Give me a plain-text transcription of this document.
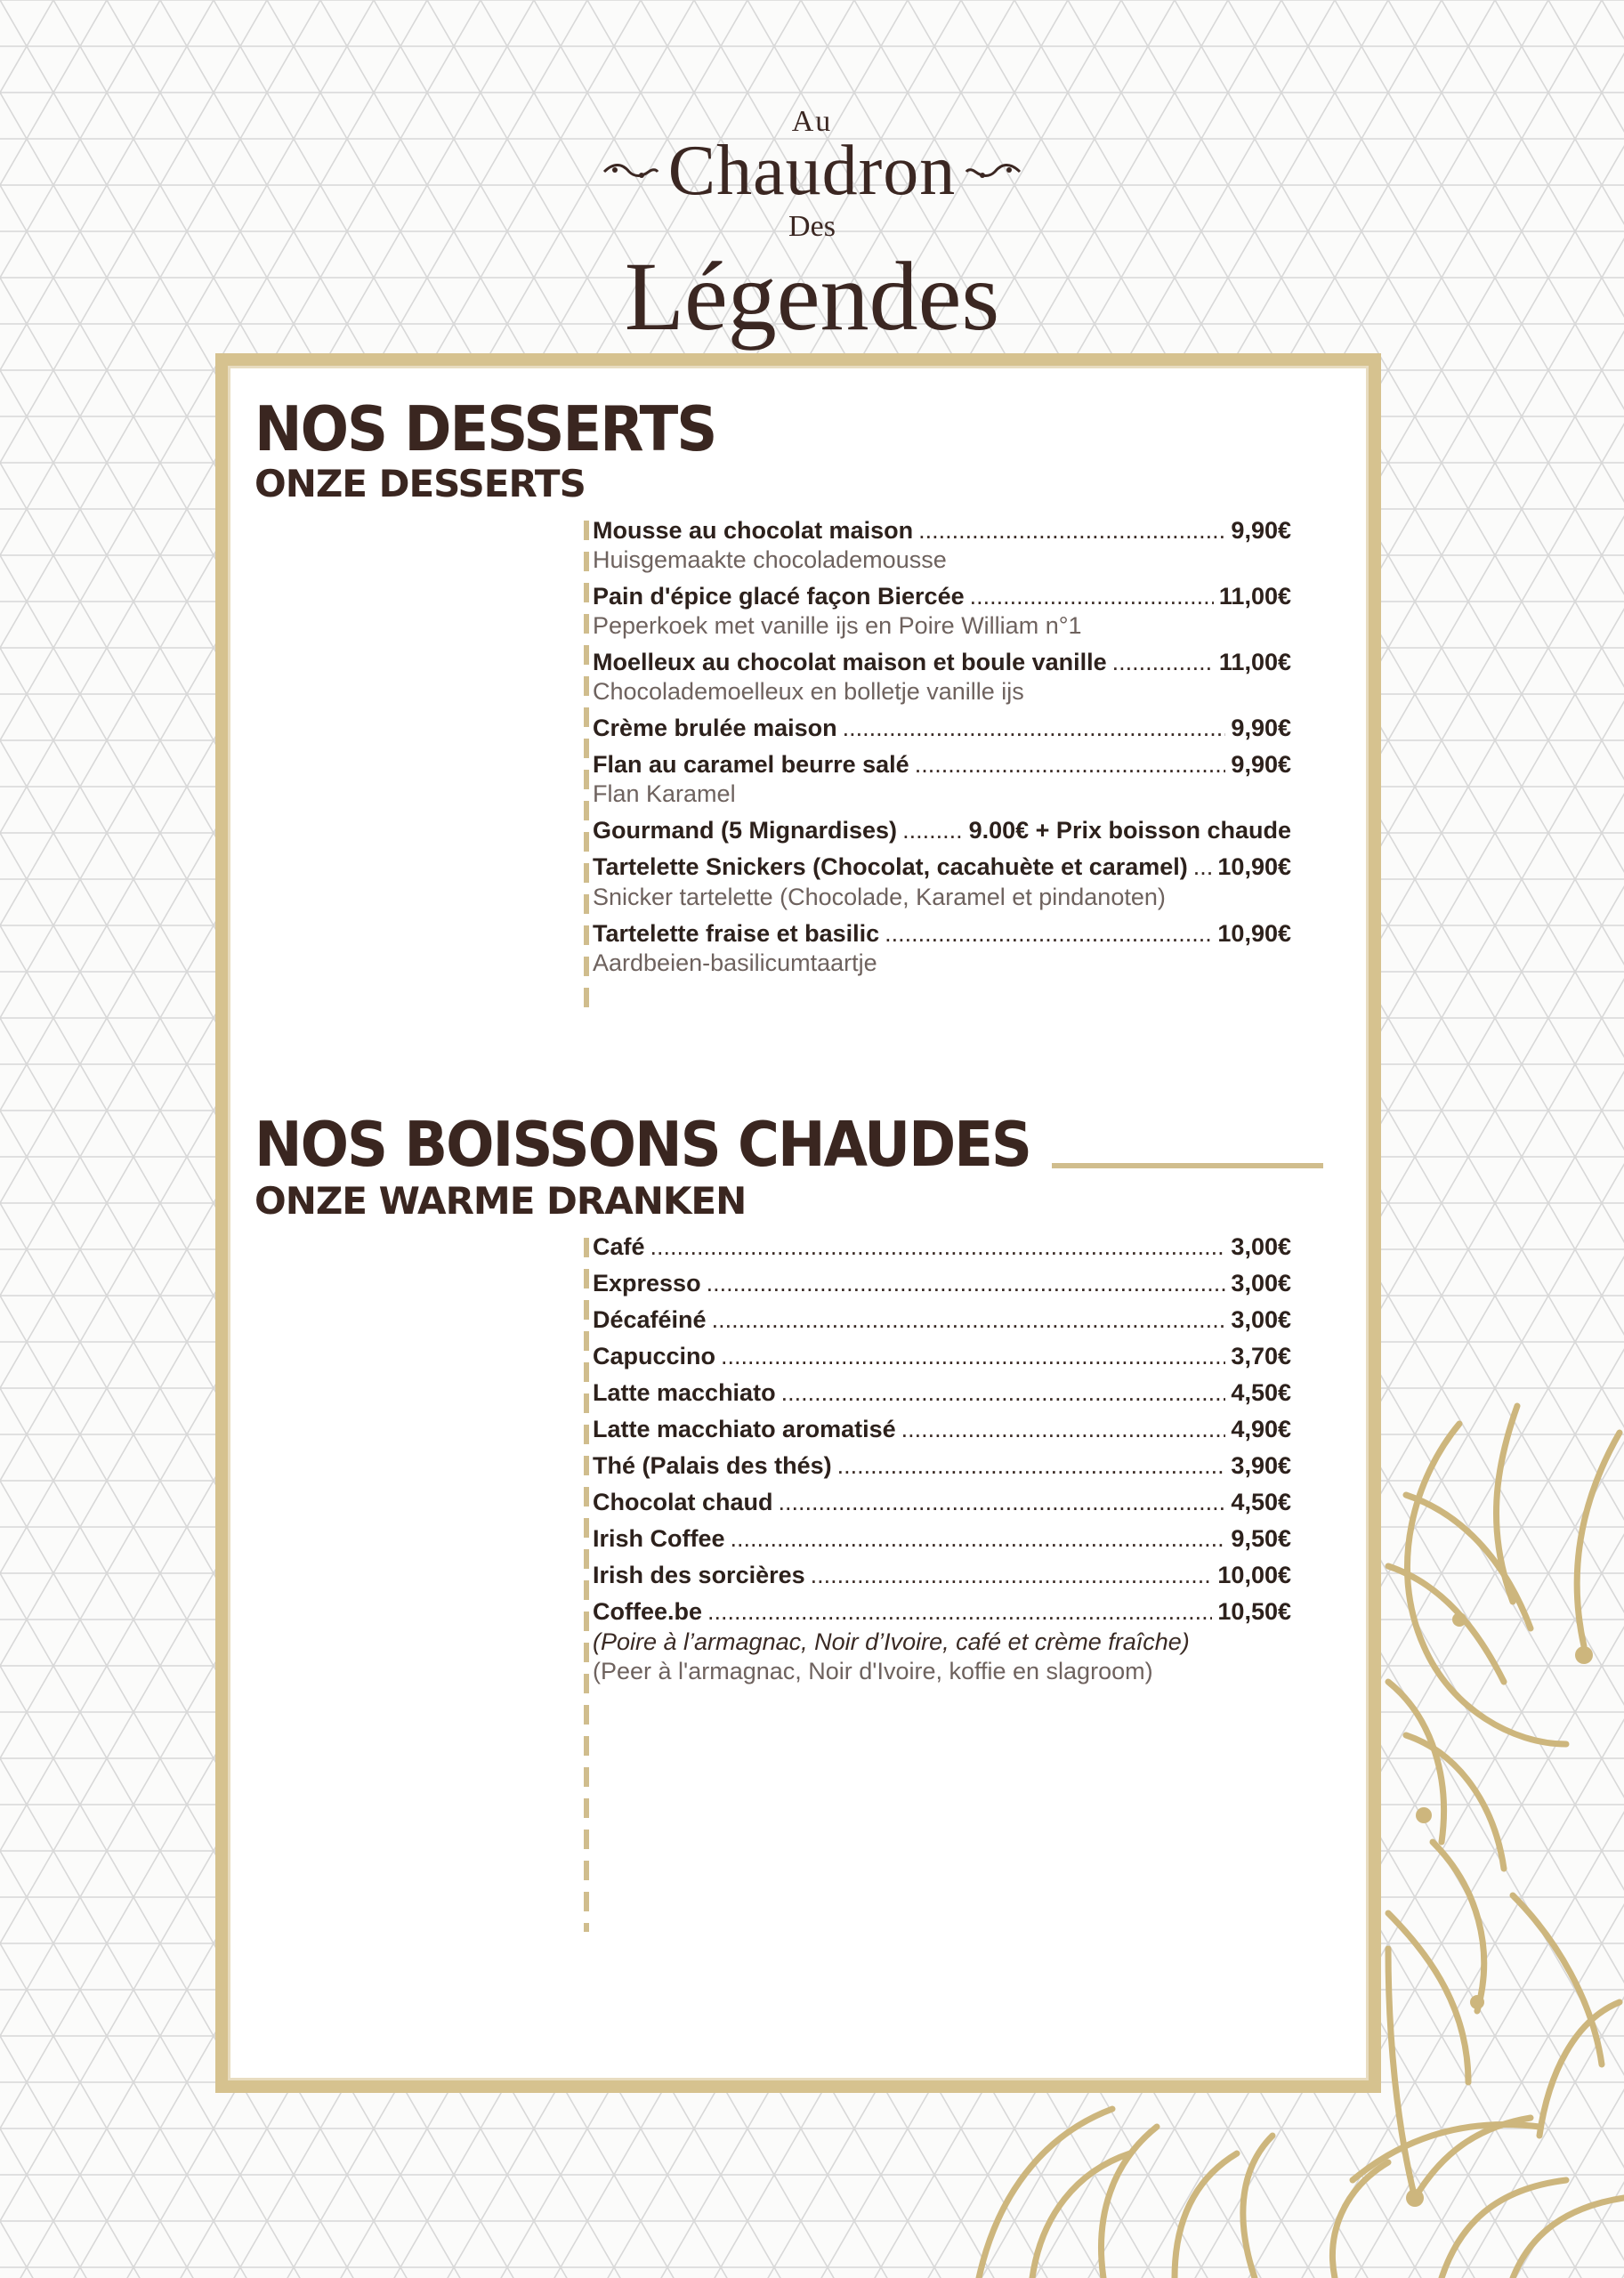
Au
Chaudron
Des
Légendes
NOS DESSERTS
ONZE DESSERTS
Mousse au chocolat maison .....	9,90€
Huisgemaakte chocolademousse
Pain d'épice glacé façon Biercée .....	11,00€
Peperkoek met vanille ijs en Poire William n°1
Moelleux au chocolat maison et boule vanille .....	11,00€
Chocolademoelleux en bolletje vanille ijs
Crème brulée maison .....	9,90€
Flan au caramel beurre salé .....	9,90€
Flan Karamel
Gourmand (5 Mignardises) .....	9.00€ + Prix boisson chaude
Tartelette Snickers (Chocolat, cacahuète et caramel) ..... 10,90€
Snicker tartelette (Chocolade, Karamel et pindanoten)
Tartelette fraise et basilic .....	10,90€
Aardbeien-basilicumtaartje
NOS BOISSONS CHAUDES
ONZE WARME DRANKEN
Café .....	3,00€
Expresso .....	3,00€
Décaféiné .....	3,00€
Capuccino .....	3,70€
Latte macchiato .....	4,50€
Latte macchiato aromatisé .....	4,90€
Thé (Palais des thés) .....	3,90€
Chocolat chaud .....	4,50€
Irish Coffee .....	9,50€
Irish des sorcières .....	10,00€
Coffee.be .....	10,50€
(Poire à l’armagnac, Noir d’Ivoire, café et crème fraîche)
(Peer à l'armagnac, Noir d'Ivoire, koffie en slagroom)
